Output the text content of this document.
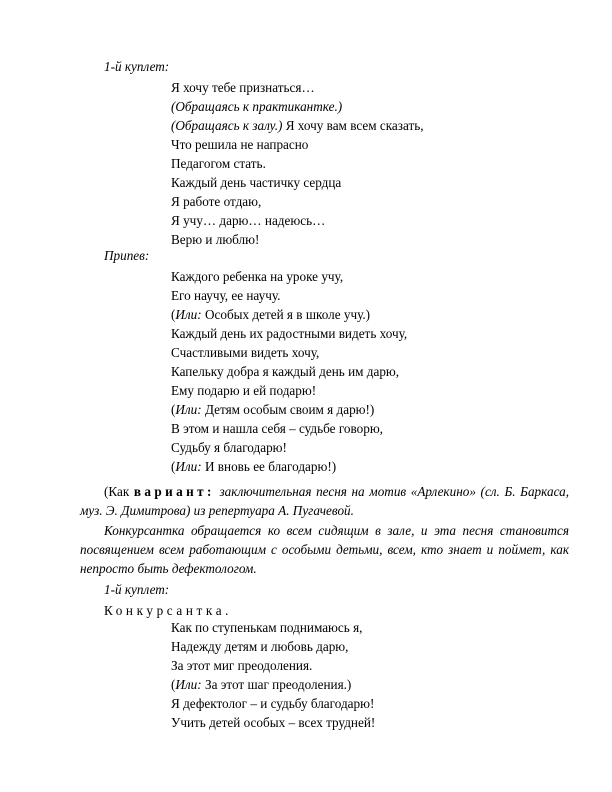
1-й куплет:
Я хочу тебе признаться…
(Обращаясь к практикантке.)
(Обращаясь к залу.) Я хочу вам всем сказать,
Что решила не напрасно
Педагогом стать.
Каждый день частичку сердца
Я работе отдаю,
Я учу… дарю… надеюсь…
Верю и люблю!
Припев:
Каждого ребенка на уроке учу,
Его научу, ее научу.
(Или: Особых детей я в школе учу.)
Каждый день их радостными видеть хочу,
Счастливыми видеть хочу,
Капельку добра я каждый день им дарю,
Ему подарю и ей подарю!
(Или: Детям особым своим я дарю!)
В этом и нашла себя – судьбе говорю,
Судьбу я благодарю!
(Или: И вновь ее благодарю!)
(Как вариант: заключительная песня на мотив «Арлекино» (сл. Б. Баркаса, муз. Э. Димитрова) из репертуара А. Пугачевой.
Конкурсантка обращается ко всем сидящим в зале, и эта песня становится посвящением всем работающим с особыми детьми, всем, кто знает и поймет, как непросто быть дефектологом.
1-й куплет:
Конкурсантка.
Как по ступенькам поднимаюсь я,
Надежду детям и любовь дарю,
За этот миг преодоления.
(Или: За этот шаг преодоления.)
Я дефектолог – и судьбу благодарю!
Учить детей особых – всех трудней!
